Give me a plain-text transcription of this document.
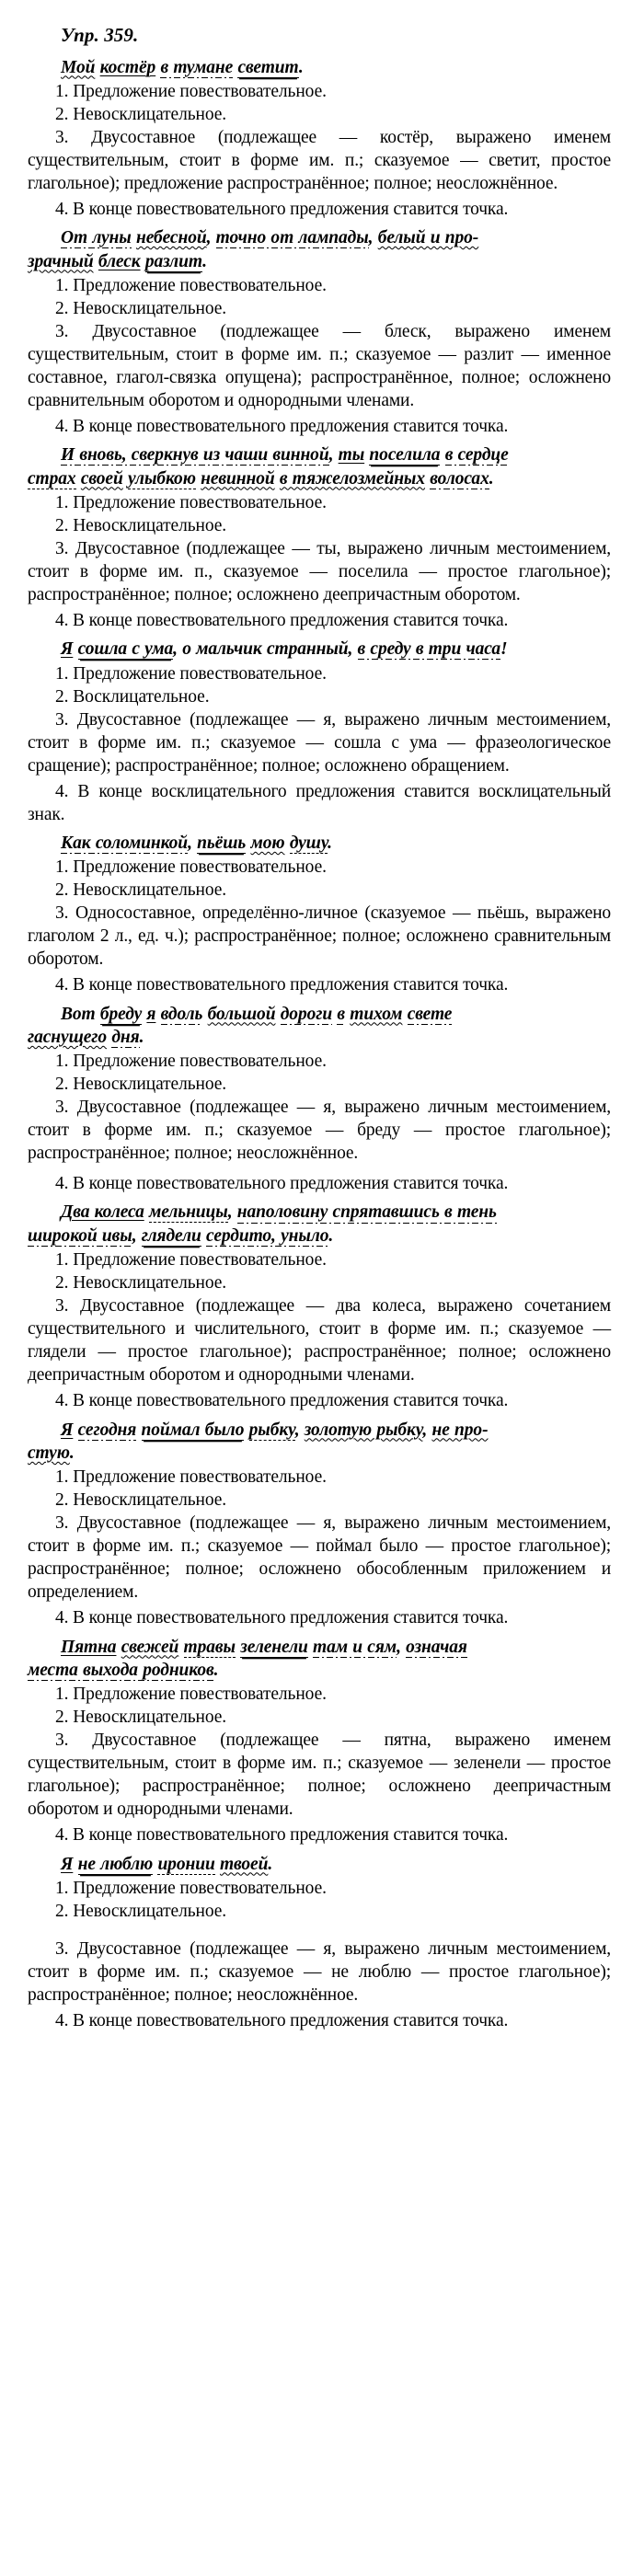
Упр. 359.
Мой костёр в тумане светит.
1. Предложение повествовательное.
2. Невосклицательное.
3. Двусоставное (подлежащее — костёр, выражено именем существительным, стоит в форме им. п.; сказуемое — светит, простое глагольное); предложение распространённое; полное; неосложнённое.
4. В конце повествовательного предложения ставится точка.
От луны небесной, точно от лампады, белый и про-
зрачный блеск разлит.
1. Предложение повествовательное.
2. Невосклицательное.
3. Двусоставное (подлежащее — блеск, выражено именем существительным, стоит в форме им. п.; сказуемое — разлит — именное составное, глагол-связка опущена); распространённое, полное; осложнено сравнительным оборотом и однородными членами.
4. В конце повествовательного предложения ставится точка.
И вновь, сверкнув из чаши винной, ты поселила в сердце
страх своей улыбкою невинной в тяжелозмейных волосах.
1. Предложение повествовательное.
2. Невосклицательное.
3. Двусоставное (подлежащее — ты, выражено личным местоимением, стоит в форме им. п., сказуемое — поселила — простое глагольное); распространённое; полное; осложнено деепричастным оборотом.
4. В конце повествовательного предложения ставится точка.
Я сошла с ума, о мальчик странный, в среду в три часа!
1. Предложение повествовательное.
2. Восклицательное.
3. Двусоставное (подлежащее — я, выражено личным местоимением, стоит в форме им. п.; сказуемое — сошла с ума — фразеологическое сращение); распространённое; полное; осложнено обращением.
4. В конце восклицательного предложения ставится восклицательный знак.
Как соломинкой, пьёшь мою душу.
1. Предложение повествовательное.
2. Невосклицательное.
3. Односоставное, определённо-личное (сказуемое — пьёшь, выражено глаголом 2 л., ед. ч.); распространённое; полное; осложнено сравнительным оборотом.
4. В конце повествовательного предложения ставится точка.
Вот бреду я вдоль большой дороги в тихом свете
гаснущего дня.
1. Предложение повествовательное.
2. Невосклицательное.
3. Двусоставное (подлежащее — я, выражено личным местоимением, стоит в форме им. п.; сказуемое — бреду — простое глагольное); распространённое; полное; неосложнённое.
4. В конце повествовательного предложения ставится точка.
Два колеса мельницы, наполовину спрятавшись в тень
широкой ивы, глядели сердито, уныло.
1. Предложение повествовательное.
2. Невосклицательное.
3. Двусоставное (подлежащее — два колеса, выражено сочетанием существительного и числительного, стоит в форме им. п.; сказуемое — глядели — простое глагольное); распространённое; полное; осложнено деепричастным оборотом и однородными членами.
4. В конце повествовательного предложения ставится точка.
Я сегодня поймал было рыбку, золотую рыбку, не про-
стую.
1. Предложение повествовательное.
2. Невосклицательное.
3. Двусоставное (подлежащее — я, выражено личным местоимением, стоит в форме им. п.; сказуемое — поймал было — простое глагольное); распространённое; полное; осложнено обособленным приложением и определением.
4. В конце повествовательного предложения ставится точка.
Пятна свежей травы зеленели там и сям, означая
места выхода родников.
1. Предложение повествовательное.
2. Невосклицательное.
3. Двусоставное (подлежащее — пятна, выражено именем существительным, стоит в форме им. п.; сказуемое — зеленели — простое глагольное); распространённое; полное; осложнено деепричастным оборотом и однородными членами.
4. В конце повествовательного предложения ставится точка.
Я не люблю иронии твоей.
1. Предложение повествовательное.
2. Невосклицательное.
3. Двусоставное (подлежащее — я, выражено личным местоимением, стоит в форме им. п.; сказуемое — не люблю — простое глагольное); распространённое; полное; неосложнённое.
4. В конце повествовательного предложения ставится точка.
